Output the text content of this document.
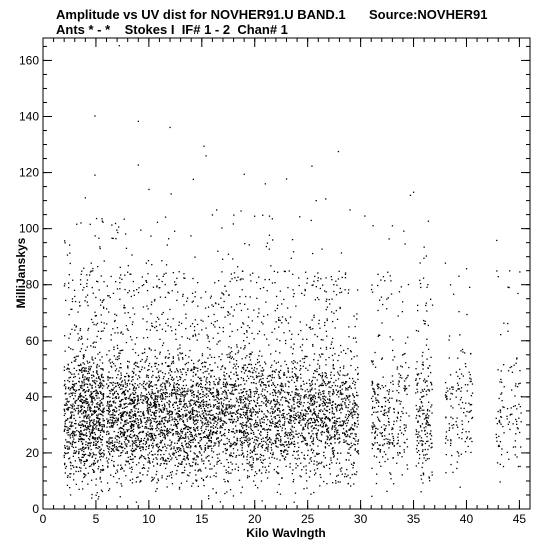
Amplitude vs UV dist for NOVHER91.U BAND.1 Source:NOVHER91
Ants * - *    Stokes I  IF# 1 - 2  Chan# 1
0	5	10	15	20	25	30	35	40	45
0
20
40
60
80
100
120
140
160
Kilo Wavlngth
MilliJanskys
